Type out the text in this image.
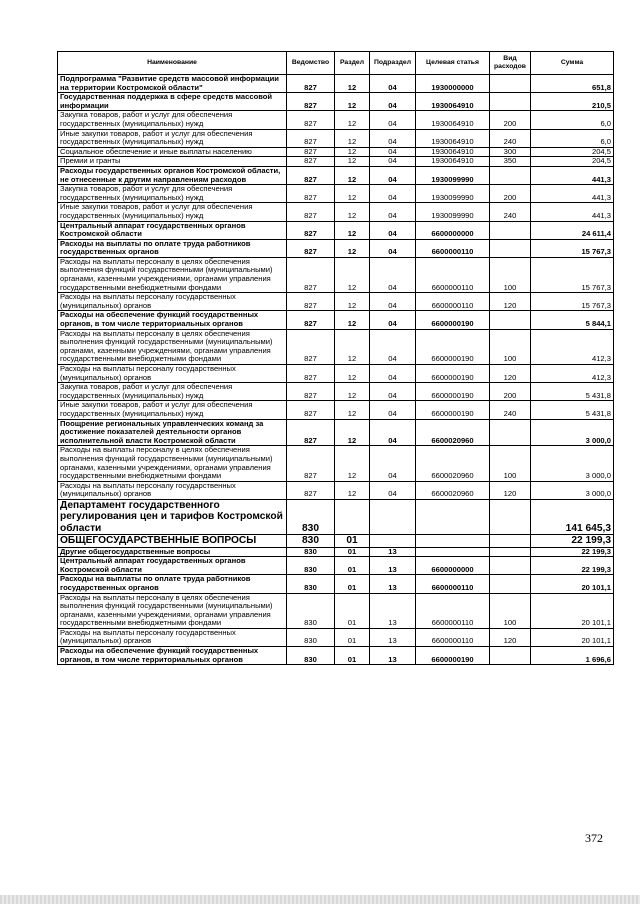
Наименование	Ведомство	Раздел	Подраздел	Целевая статья	Вид расходов	Сумма
Подпрограмма "Развитие средств массовой информации на территории Костромской области"	827	12	04	1930000000		651,8
Государственная поддержка в сфере средств массовой информации	827	12	04	1930064910		210,5
Закупка товаров, работ и услуг для обеспечения государственных (муниципальных) нужд	827	12	04	1930064910	200	6,0
Иные закупки товаров, работ и услуг для обеспечения государственных (муниципальных) нужд	827	12	04	1930064910	240	6,0
Социальное обеспечение и иные выплаты населению	827	12	04	1930064910	300	204,5
Премии и гранты	827	12	04	1930064910	350	204,5
Расходы государственных органов Костромской области, не отнесенные к другим направлениям расходов	827	12	04	1930099990		441,3
Закупка товаров, работ и услуг для обеспечения государственных (муниципальных) нужд	827	12	04	1930099990	200	441,3
Иные закупки товаров, работ и услуг для обеспечения государственных (муниципальных) нужд	827	12	04	1930099990	240	441,3
Центральный аппарат государственных органов Костромской области	827	12	04	6600000000		24 611,4
Расходы на выплаты по оплате труда работников государственных органов	827	12	04	6600000110		15 767,3
Расходы на выплаты персоналу в целях обеспечения выполнения функций государственными (муниципальными) органами, казенными учреждениями, органами управления государственными внебюджетными фондами	827	12	04	6600000110	100	15 767,3
Расходы на выплаты персоналу государственных (муниципальных) органов	827	12	04	6600000110	120	15 767,3
Расходы на обеспечение функций государственных органов, в том числе территориальных органов	827	12	04	6600000190		5 844,1
Расходы на выплаты персоналу в целях обеспечения выполнения функций государственными (муниципальными) органами, казенными учреждениями, органами управления государственными внебюджетными фондами	827	12	04	6600000190	100	412,3
Расходы на выплаты персоналу государственных (муниципальных) органов	827	12	04	6600000190	120	412,3
Закупка товаров, работ и услуг для обеспечения государственных (муниципальных) нужд	827	12	04	6600000190	200	5 431,8
Иные закупки товаров, работ и услуг для обеспечения государственных (муниципальных) нужд	827	12	04	6600000190	240	5 431,8
Поощрение региональных управленческих команд за достижение показателей деятельности органов исполнительной власти Костромской области	827	12	04	6600020960		3 000,0
Расходы на выплаты персоналу в целях обеспечения выполнения функций государственными (муниципальными) органами, казенными учреждениями, органами управления государственными внебюджетными фондами	827	12	04	6600020960	100	3 000,0
Расходы на выплаты персоналу государственных (муниципальных) органов	827	12	04	6600020960	120	3 000,0
Департамент государственного регулирования цен и тарифов Костромской области	830					141 645,3
ОБЩЕГОСУДАРСТВЕННЫЕ ВОПРОСЫ	830	01				22 199,3
Другие общегосударственные вопросы	830	01	13			22 199,3
Центральный аппарат государственных органов Костромской области	830	01	13	6600000000		22 199,3
Расходы на выплаты по оплате труда работников государственных органов	830	01	13	6600000110		20 101,1
Расходы на выплаты персоналу в целях обеспечения выполнения функций государственными (муниципальными) органами, казенными учреждениями, органами управления государственными внебюджетными фондами	830	01	13	6600000110	100	20 101,1
Расходы на выплаты персоналу государственных (муниципальных) органов	830	01	13	6600000110	120	20 101,1
Расходы на обеспечение функций государственных органов, в том числе территориальных органов	830	01	13	6600000190		1 696,6
372
